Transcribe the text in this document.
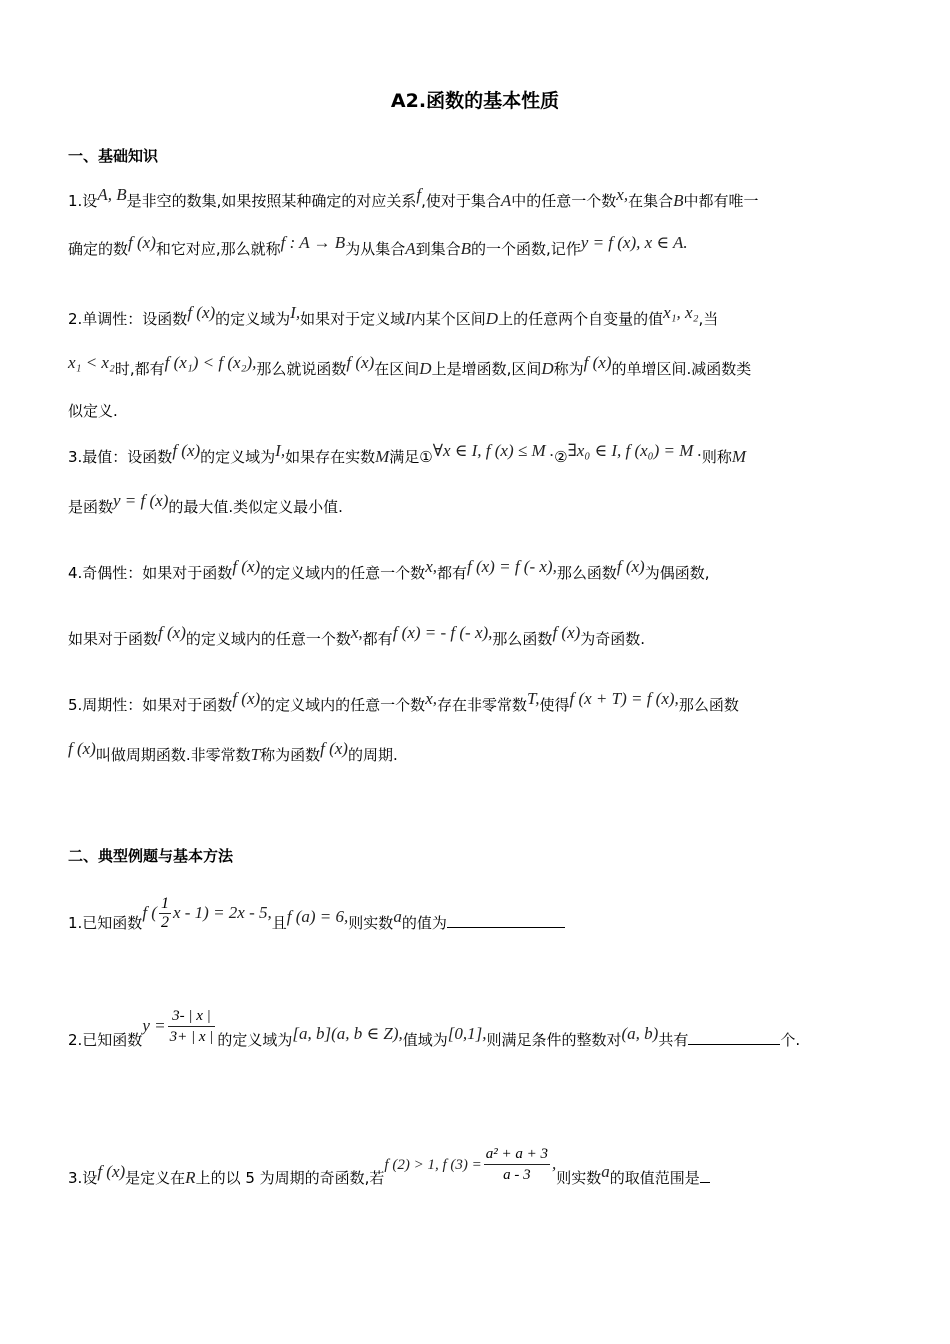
A2.函数的基本性质
一、基础知识
1.设A, B是非空的数集,如果按照某种确定的对应关系f,使对于集合A中的任意一个数x,在集合B中都有唯一
确定的数f (x)和它对应,那么就称f : A → B为从集合A到集合B的一个函数,记作y = f (x), x ∈ A.
2.单调性：设函数f (x)的定义域为I,如果对于定义域I内某个区间D上的任意两个自变量的值x₁, x₂,当
x₁ < x₂时,都有f (x₁) < f (x₂),那么就说函数f (x)在区间D上是增函数,区间D称为f (x)的单增区间.减函数类
似定义.
3.最值：设函数f (x)的定义域为I,如果存在实数M满足①∀x ∈ I, f (x) ≤ M .②∃x₀ ∈ I, f (x₀) = M .则称M
是函数y = f (x)的最大值.类似定义最小值.
4.奇偶性：如果对于函数f (x)的定义域内的任意一个数x,都有f (x) = f (- x),那么函数f (x)为偶函数,
如果对于函数f (x)的定义域内的任意一个数x,都有f (x) = - f (- x),那么函数f (x)为奇函数.
5.周期性：如果对于函数f (x)的定义域内的任意一个数x,存在非零常数T,使得f (x + T) = f (x),那么函数
f (x)叫做周期函数.非零常数T称为函数f (x)的周期.
二、典型例题与基本方法
1.已知函数f ( $\frac{1}{2}$ x - 1) = 2x - 5,且f (a) = 6,则实数a的值为
2.已知函数$y = \frac{3- | x |}{3+ | x |}$ 的定义域为[a, b](a, b ∈ Z),值域为[0,1],则满足条件的整数对(a, b)共有	个.
3.设f (x)是定义在R上的以 5 为周期的奇函数,若f (2) > 1, f $(3) = \frac{\text{a² + a + 3}}{a - 3}$ ,则实数a的取值范围是
